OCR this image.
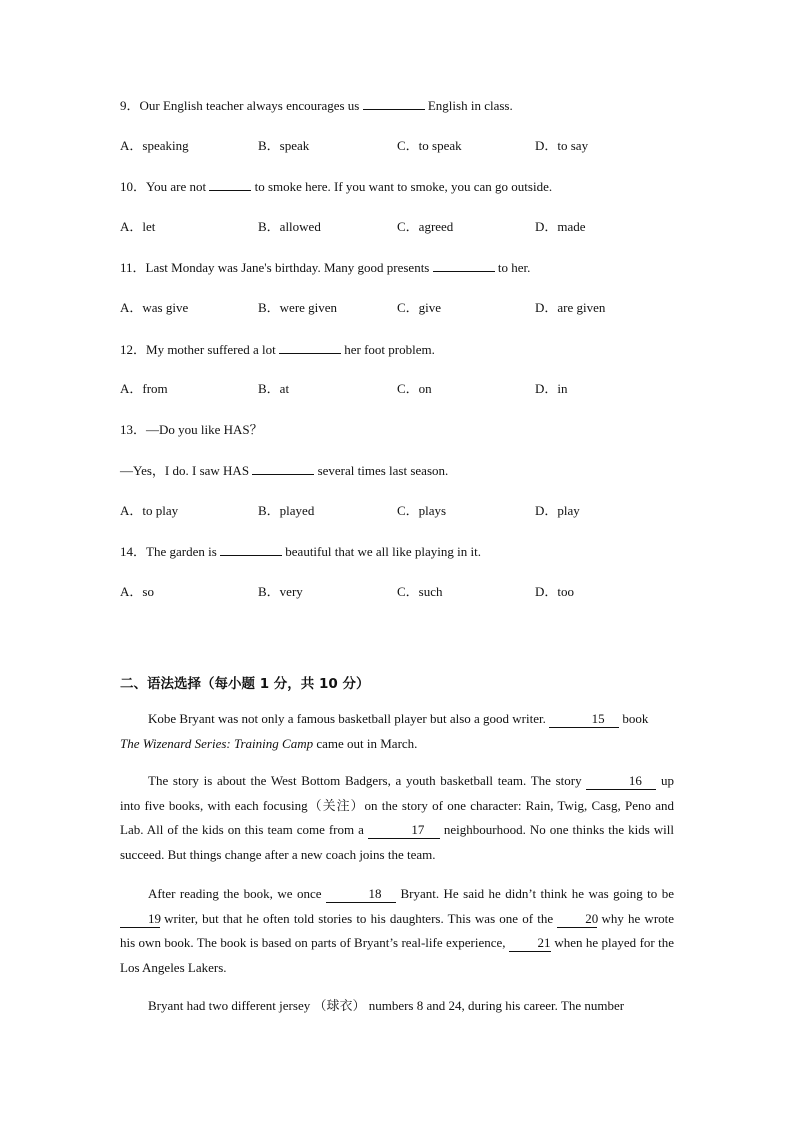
9．Our English teacher always encourages us	English in class.
A．speaking	B．speak	C．to speak	D．to say
10．You are not	to smoke here. If you want to smoke, you can go outside.
A．let	B．allowed	C．agreed	D．made
11．Last Monday was Jane's birthday. Many good presents	to her.
A．was give	B．were given	C．give	D．are given
12．My mother suffered a lot	her foot problem.
A．from	B．at	C．on	D．in
13．—Do you like HAS？
—Yes，I do. I saw HAS	several times last season.
A．to play	B．played	C．plays	D．play
14．The garden is	beautiful that we all like playing in it.
A．so	B．very	C．such	D．too
二、语法选择（每小题 1 分，共 10 分）

Kobe Bryant was not only a famous basketball player but also a good writer.	15 book

The Wizenard Series: Training Camp came out in March.

The story is about the West Bottom Badgers, a youth basketball team. The story	16 up into five books, with each focusing（关注）on the story of one character: Rain, Twig, Casg, Peno and Lab. All of the kids on this team come from a	17 neighbourhood. No one thinks the kids will succeed. But things change after a new coach joins the team.

After reading the book, we once	18 Bryant. He said he didn’t think he was going to be 19 writer, but that he often told stories to his daughters. This was one of the 20 why he wrote his own book. The book is based on parts of Bryant’s real-life experience, 21 when he played for the Los Angeles Lakers.

Bryant had two different jersey （球衣） numbers 8 and 24, during his career. The number
